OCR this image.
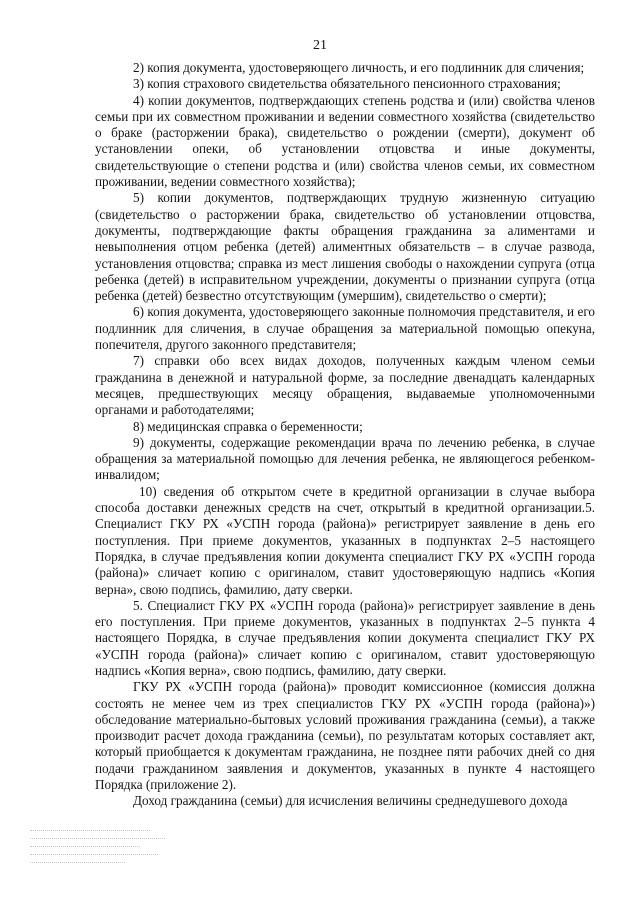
21

2) копия документа, удостоверяющего личность, и его подлинник для сличения;

3) копия страхового свидетельства обязательного пенсионного страхования;

4) копии документов, подтверждающих степень родства и (или) свойства членов семьи при их совместном проживании и ведении совместного хозяйства (свидетельство о браке (расторжении брака), свидетельство о рождении (смерти), документ об установлении опеки, об установлении отцовства и иные документы, свидетельствующие о степени родства и (или) свойства членов семьи, их совместном проживании, ведении совместного хозяйства);

5) копии документов, подтверждающих трудную жизненную ситуацию (свидетельство о расторжении брака, свидетельство об установлении отцовства, документы, подтверждающие факты обращения гражданина за алиментами и невыполнения отцом ребенка (детей) алиментных обязательств – в случае развода, установления отцовства; справка из мест лишения свободы о нахождении супруга (отца ребенка (детей) в исправительном учреждении, документы о признании супруга (отца ребенка (детей) безвестно отсутствующим (умершим), свидетельство о смерти);

6) копия документа, удостоверяющего законные полномочия представителя, и его подлинник для сличения, в случае обращения за материальной помощью опекуна, попечителя, другого законного представителя;

7) справки обо всех видах доходов, полученных каждым членом семьи гражданина в денежной и натуральной форме, за последние двенадцать календарных месяцев, предшествующих месяцу обращения, выдаваемые уполномоченными органами и работодателями;

8) медицинская справка о беременности;

9) документы, содержащие рекомендации врача по лечению ребенка, в случае обращения за материальной помощью для лечения ребенка, не являющегося ребенком-инвалидом;

10) сведения об открытом счете в кредитной организации в случае выбора способа доставки денежных средств на счет, открытый в кредитной организации.5. Специалист ГКУ РХ «УСПН города (района)» регистрирует заявление в день его поступления. При приеме документов, указанных в подпунктах 2–5 настоящего Порядка, в случае предъявления копии документа специалист ГКУ РХ «УСПН города (района)» сличает копию с оригиналом, ставит удостоверяющую надпись «Копия верна», свою подпись, фамилию, дату сверки.

5. Специалист ГКУ РХ «УСПН города (района)» регистрирует заявление в день его поступления. При приеме документов, указанных в подпунктах 2–5 пункта 4 настоящего Порядка, в случае предъявления копии документа специалист ГКУ РХ «УСПН города (района)» сличает копию с оригиналом, ставит удостоверяющую надпись «Копия верна», свою подпись, фамилию, дату сверки.

ГКУ РХ «УСПН города (района)» проводит комиссионное (комиссия должна состоять не менее чем из трех специалистов ГКУ РХ «УСПН города (района)») обследование материально-бытовых условий проживания гражданина (семьи), а также производит расчет дохода гражданина (семьи), по результатам которых составляет акт, который приобщается к документам гражданина, не позднее пяти рабочих дней со дня подачи гражданином заявления и документов, указанных в пункте 4 настоящего Порядка (приложение 2).

Доход гражданина (семьи) для исчисления величины среднедушевого дохода
